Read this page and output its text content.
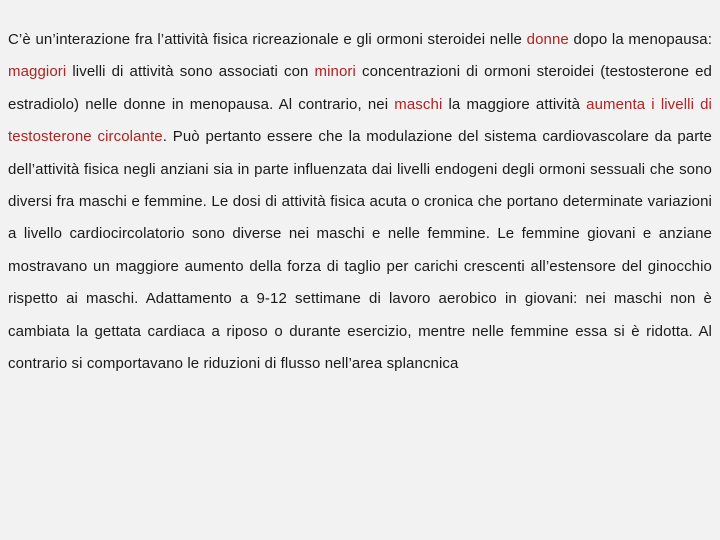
C’è un’interazione fra l’attività fisica ricreazionale e gli ormoni steroidei nelle donne dopo la menopausa: maggiori livelli di attività sono associati con minori concentrazioni di ormoni steroidei (testosterone ed estradiolo) nelle donne in menopausa. Al contrario, nei maschi la maggiore attività aumenta i livelli di testosterone circolante. Può pertanto essere che la modulazione del sistema cardiovascolare da parte dell’attività fisica negli anziani sia in parte influenzata dai livelli endogeni degli ormoni sessuali che sono diversi fra maschi e femmine. Le dosi di attività fisica acuta o cronica che portano determinate variazioni a livello cardiocircolatorio sono diverse nei maschi e nelle femmine. Le femmine giovani e anziane mostravano un maggiore aumento della forza di taglio per carichi crescenti all’estensore del ginocchio rispetto ai maschi. Adattamento a 9-12 settimane di lavoro aerobico in giovani: nei maschi non è cambiata la gettata cardiaca a riposo o durante esercizio, mentre nelle femmine essa si è ridotta. Al contrario si comportavano le riduzioni di flusso nell’area splancnica
